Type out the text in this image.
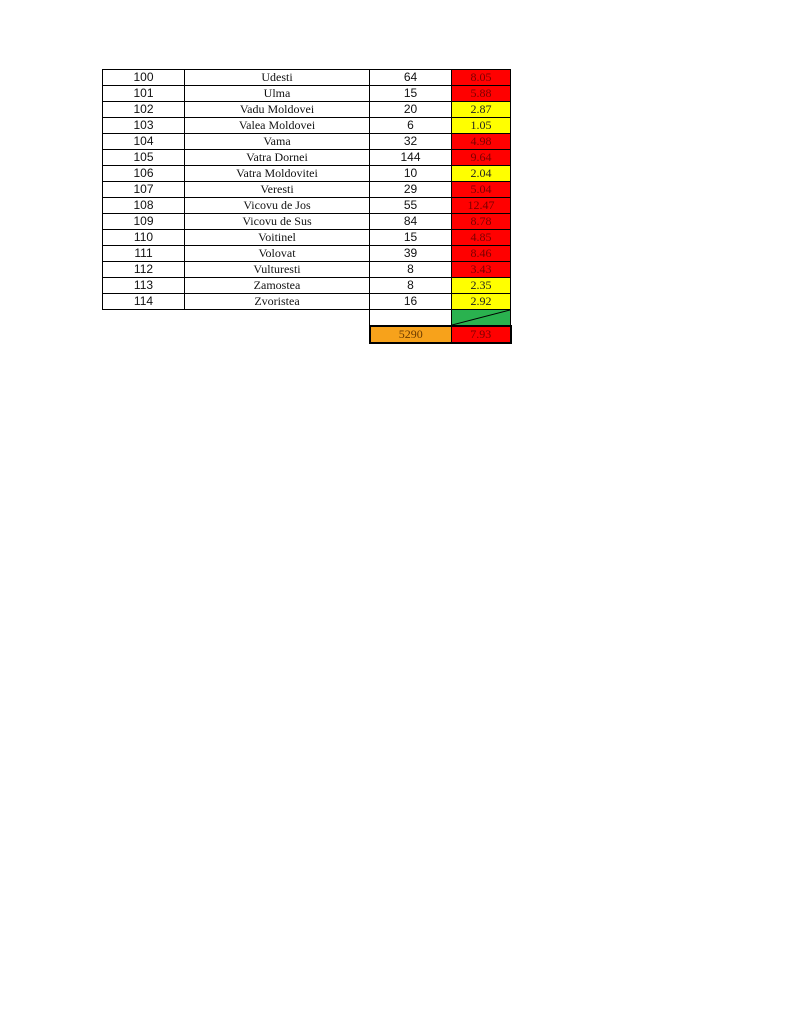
100	Udesti	64	8.05
101	Ulma	15	5.88
102	Vadu Moldovei	20	2.87
103	Valea Moldovei	6	1.05
104	Vama	32	4.98
105	Vatra Dornei	144	9.64
106	Vatra Moldovitei	10	2.04
107	Veresti	29	5.04
108	Vicovu de Jos	55	12.47
109	Vicovu de Sus	84	8.78
110	Voitinel	15	4.85
111	Volovat	39	8.46
112	Vulturesti	8	3.43
113	Zamostea	8	2.35
114	Zvoristea	16	2.92

		5290	7.93
